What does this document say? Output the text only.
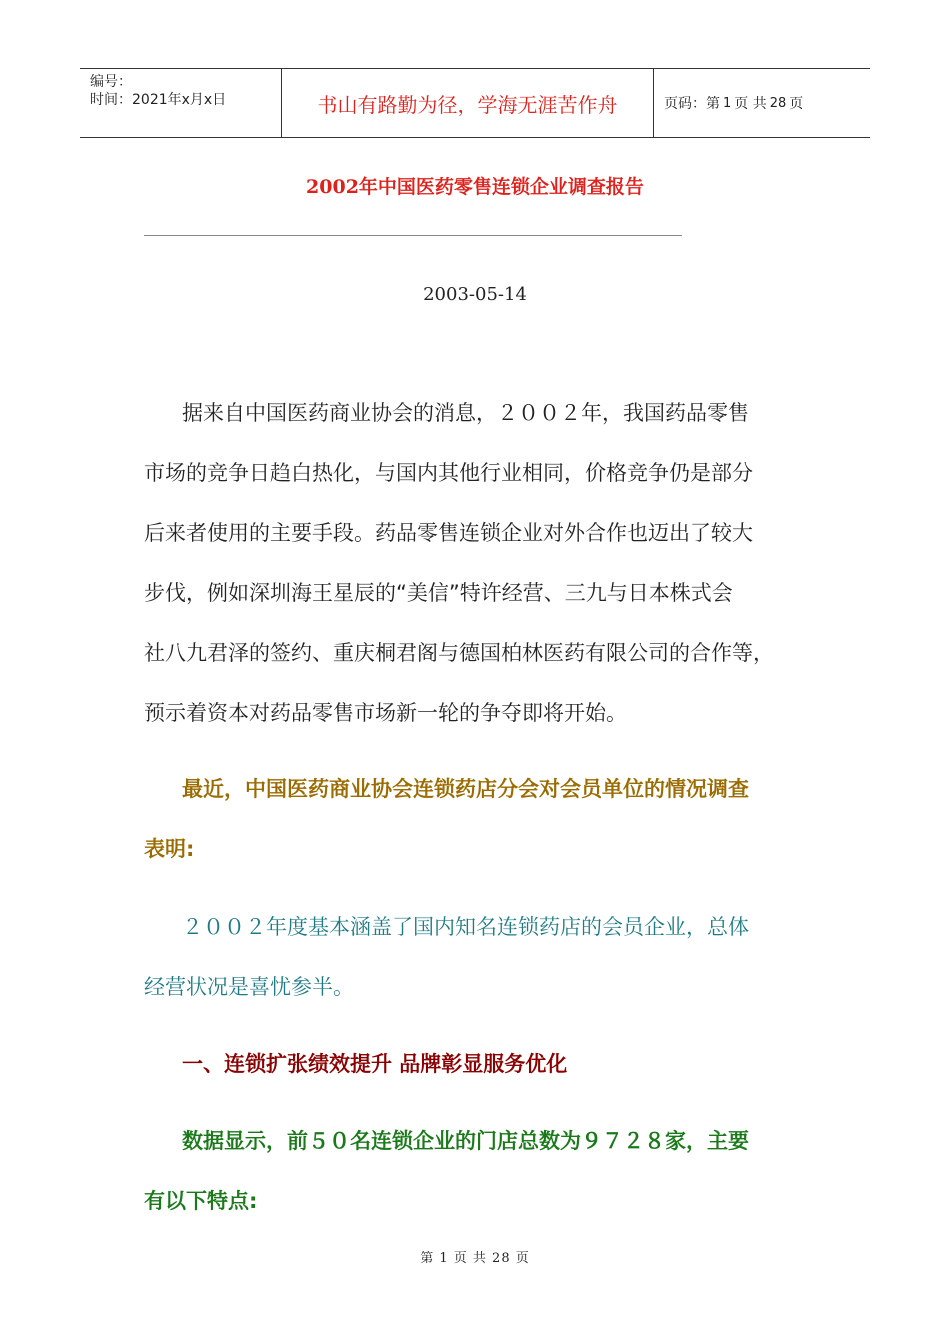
编号：
时间：2021年x月x日	书山有路勤为径，学海无涯苦作舟	页码：第 1 页 共 28 页
2002年中国医药零售连锁企业调查报告
2003-05-14
据来自中国医药商业协会的消息，２００２年，我国药品零售
市场的竞争日趋白热化，与国内其他行业相同，价格竞争仍是部分
后来者使用的主要手段。药品零售连锁企业对外合作也迈出了较大
步伐，例如深圳海王星辰的“美信”特许经营、三九与日本株式会
社八九君泽的签约、重庆桐君阁与德国柏林医药有限公司的合作等，
预示着资本对药品零售市场新一轮的争夺即将开始。
最近，中国医药商业协会连锁药店分会对会员单位的情况调查
表明:
２００２年度基本涵盖了国内知名连锁药店的会员企业，总体
经营状况是喜忧参半。
一、连锁扩张绩效提升 品牌彰显服务优化
数据显示，前５０名连锁企业的门店总数为９７２８家，主要
有以下特点:
第 1 页 共 28 页
